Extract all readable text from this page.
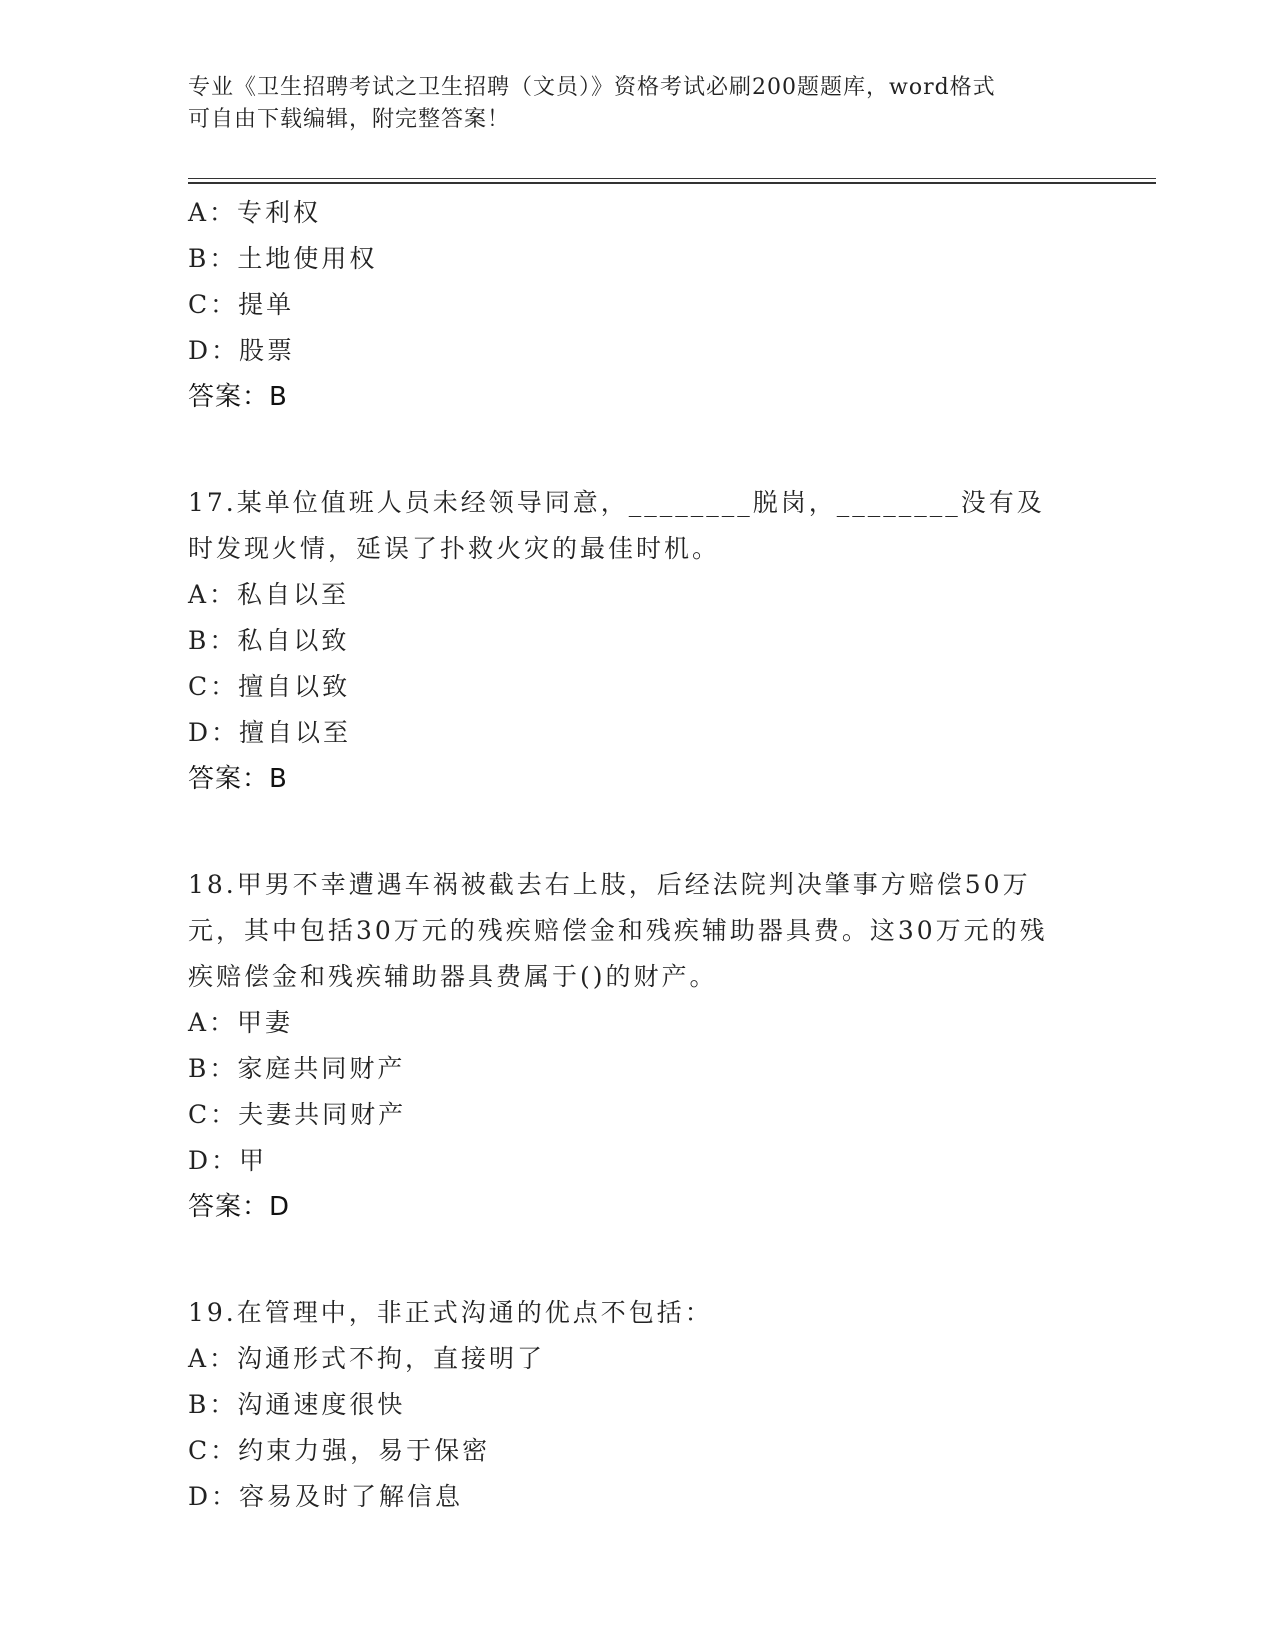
专业《卫生招聘考试之卫生招聘（文员）》资格考试必刷200题题库，word格式
可自由下载编辑，附完整答案！
A：专利权
B：土地使用权
C：提单
D：股票
答案：B
17.某单位值班人员未经领导同意，________脱岗，________没有及时发现火情，延误了扑救火灾的最佳时机。
A：私自以至
B：私自以致
C：擅自以致
D：擅自以至
答案：B
18.甲男不幸遭遇车祸被截去右上肢，后经法院判决肇事方赔偿50万元，其中包括30万元的残疾赔偿金和残疾辅助器具费。这30万元的残疾赔偿金和残疾辅助器具费属于()的财产。
A：甲妻
B：家庭共同财产
C：夫妻共同财产
D：甲
答案：D
19.在管理中，非正式沟通的优点不包括：
A：沟通形式不拘，直接明了
B：沟通速度很快
C：约束力强，易于保密
D：容易及时了解信息
